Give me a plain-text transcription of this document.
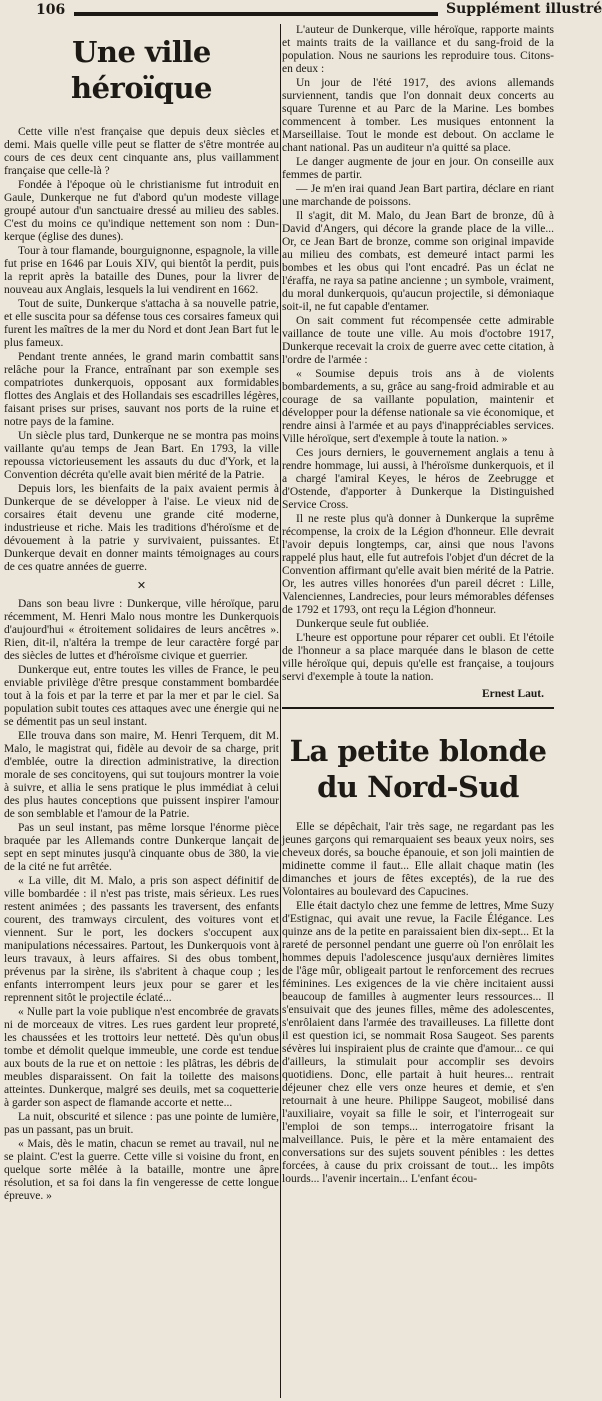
106	Supplément illustré
Une ville héroïque

Cette ville n'est française que depuis deux siècles et demi. Mais quelle ville peut se flatter de s'être montrée au cours de ces deux cent cinquante ans, plus vaillamment française que celle-là ?

Fondée à l'époque où le christianisme fut introduit en Gaule, Dunkerque ne fut d'abord qu'un modeste village groupé autour d'un sanctuaire dressé au milieu des sables. C'est du moins ce qu'indique nettement son nom : Dun-kerque (église des dunes).

Tour à tour flamande, bourguignonne, espagnole, la ville fut prise en 1646 par Louis XIV, qui bientôt la perdit, puis la reprit après la bataille des Dunes, pour la livrer de nouveau aux Anglais, lesquels la lui vendirent en 1662.

Tout de suite, Dunkerque s'attacha à sa nouvelle patrie, et elle suscita pour sa défense tous ces corsaires fameux qui furent les maîtres de la mer du Nord et dont Jean Bart fut le plus fameux.

Pendant trente années, le grand marin combattit sans relâche pour la France, entraînant par son exemple ses compatriotes dunkerquois, opposant aux formidables flottes des Anglais et des Hollandais ses escadrilles légères, faisant prises sur prises, sauvant nos ports de la ruine et notre pays de la famine.

Un siècle plus tard, Dunkerque ne se montra pas moins vaillante qu'au temps de Jean Bart. En 1793, la ville repoussa victorieusement les assauts du duc d'York, et la Convention décréta qu'elle avait bien mérité de la Patrie.

Depuis lors, les bienfaits de la paix avaient permis à Dunkerque de se développer à l'aise. Le vieux nid de corsaires était devenu une grande cité moderne, industrieuse et riche. Mais les traditions d'héroïsme et de dévouement à la patrie y survivaient, puissantes. Et Dunkerque devait en donner maints témoignages au cours de ces quatre années de guerre.

✕

Dans son beau livre : Dunkerque, ville héroïque, paru récemment, M. Henri Malo nous montre les Dunkerquois d'aujourd'hui « étroitement solidaires de leurs ancêtres ». Rien, dit-il, n'altéra la trempe de leur caractère forgé par des siècles de luttes et d'héroïsme civique et guerrier.

Dunkerque eut, entre toutes les villes de France, le peu enviable privilège d'être presque constamment bombardée tout à la fois et par la terre et par la mer et par le ciel. Sa population subit toutes ces attaques avec une énergie qui ne se démentit pas un seul instant.

Elle trouva dans son maire, M. Henri Terquem, dit M. Malo, le magistrat qui, fidèle au devoir de sa charge, prit d'emblée, outre la direction administrative, la direction morale de ses concitoyens, qui sut toujours montrer la voie à suivre, et allia le sens pratique le plus immédiat à celui des plus hautes conceptions que puissent inspirer l'amour de son semblable et l'amour de la Patrie.

Pas un seul instant, pas même lorsque l'énorme pièce braquée par les Allemands contre Dunkerque lançait de sept en sept minutes jusqu'à cinquante obus de 380, la vie de la cité ne fut arrêtée.

« La ville, dit M. Malo, a pris son aspect définitif de ville bombardée : il n'est pas triste, mais sérieux. Les rues restent animées ; des passants les traversent, des enfants courent, des tramways circulent, des voitures vont et viennent. Sur le port, les dockers s'occupent aux manipulations nécessaires. Partout, les Dunkerquois vont à leurs travaux, à leurs affaires. Si des obus tombent, prévenus par la sirène, ils s'abritent à chaque coup ; les enfants interrompent leurs jeux pour se garer et les reprennent sitôt le projectile éclaté...

« Nulle part la voie publique n'est encombrée de gravats ni de morceaux de vitres. Les rues gardent leur propreté, les chaussées et les trottoirs leur netteté. Dès qu'un obus tombe et démolit quelque immeuble, une corde est tendue aux bouts de la rue et on nettoie : les plâtras, les débris de meubles disparaissent. On fait la toilette des maisons atteintes. Dunkerque, malgré ses deuils, met sa coquetterie à garder son aspect de flamande accorte et nette...

La nuit, obscurité et silence : pas une pointe de lumière, pas un passant, pas un bruit.

« Mais, dès le matin, chacun se remet au travail, nul ne se plaint. C'est la guerre. Cette ville si voisine du front, en quelque sorte mêlée à la bataille, montre une âpre résolution, et sa foi dans la fin vengeresse de cette longue épreuve. »

L'auteur de Dunkerque, ville héroïque, rapporte maints et maints traits de la vaillance et du sang-froid de la population. Nous ne saurions les reproduire tous. Citons-en deux :

Un jour de l'été 1917, des avions allemands surviennent, tandis que l'on donnait deux concerts au square Turenne et au Parc de la Marine. Les bombes commencent à tomber. Les musiques entonnent la Marseillaise. Tout le monde est debout. On acclame le chant national. Pas un auditeur n'a quitté sa place.

Le danger augmente de jour en jour. On conseille aux femmes de partir.

— Je m'en irai quand Jean Bart partira, déclare en riant une marchande de poissons.

Il s'agit, dit M. Malo, du Jean Bart de bronze, dû à David d'Angers, qui décore la grande place de la ville... Or, ce Jean Bart de bronze, comme son original impavide au milieu des combats, est demeuré intact parmi les bombes et les obus qui l'ont encadré. Pas un éclat ne l'éraffa, ne raya sa patine ancienne ; un symbole, vraiment, du moral dunkerquois, qu'aucun projectile, si démoniaque soit-il, ne fut capable d'entamer.

On sait comment fut récompensée cette admirable vaillance de toute une ville. Au mois d'octobre 1917, Dunkerque recevait la croix de guerre avec cette citation, à l'ordre de l'armée :

« Soumise depuis trois ans à de violents bombardements, a su, grâce au sang-froid admirable et au courage de sa vaillante population, maintenir et développer pour la défense nationale sa vie économique, et rendre ainsi à l'armée et au pays d'inappréciables services. Ville héroïque, sert d'exemple à toute la nation. »

Ces jours derniers, le gouvernement anglais a tenu à rendre hommage, lui aussi, à l'héroïsme dunkerquois, et il a chargé l'amiral Keyes, le héros de Zeebrugge et d'Ostende, d'apporter à Dunkerque la Distinguished Service Cross.

Il ne reste plus qu'à donner à Dunkerque la suprême récompense, la croix de la Légion d'honneur. Elle devrait l'avoir depuis longtemps, car, ainsi que nous l'avons rappelé plus haut, elle fut autrefois l'objet d'un décret de la Convention affirmant qu'elle avait bien mérité de la Patrie. Or, les autres villes honorées d'un pareil décret : Lille, Valenciennes, Landrecies, pour leurs mémorables défenses de 1792 et 1793, ont reçu la Légion d'honneur.

Dunkerque seule fut oubliée.

L'heure est opportune pour réparer cet oubli. Et l'étoile de l'honneur a sa place marquée dans le blason de cette ville héroïque qui, depuis qu'elle est française, a toujours servi d'exemple à toute la nation.

Ernest Laut.
La petite blonde du Nord-Sud

Elle se dépêchait, l'air très sage, ne regardant pas les jeunes garçons qui remarquaient ses beaux yeux noirs, ses cheveux dorés, sa bouche épanouie, et son joli maintien de midinette comme il faut... Elle allait chaque matin (les dimanches et jours de fêtes exceptés), de la rue des Volontaires au boulevard des Capucines.

Elle était dactylo chez une femme de lettres, Mme Suzy d'Estignac, qui avait une revue, la Facile Élégance. Les quinze ans de la petite en paraissaient bien dix-sept... Et la rareté de personnel pendant une guerre où l'on enrôlait les hommes depuis l'adolescence jusqu'aux dernières limites de l'âge mûr, obligeait partout le renforcement des recrues féminines. Les exigences de la vie chère incitaient aussi beaucoup de familles à augmenter leurs ressources... Il s'ensuivait que des jeunes filles, même des adolescentes, s'enrôlaient dans l'armée des travailleuses. La fillette dont il est question ici, se nommait Rosa Saugeot. Ses parents sévères lui inspiraient plus de crainte que d'amour... ce qui d'ailleurs, la stimulait pour accomplir ses devoirs quotidiens. Donc, elle partait à huit heures... rentrait déjeuner chez elle vers onze heures et demie, et s'en retournait à une heure. Philippe Saugeot, mobilisé dans l'auxiliaire, voyait sa fille le soir, et l'interrogeait sur l'emploi de son temps... interrogatoire frisant la malveillance. Puis, le père et la mère entamaient des conversations sur des sujets souvent pénibles : les dettes forcées, à cause du prix croissant de tout... les impôts lourds... l'avenir incertain... L'enfant écou-
